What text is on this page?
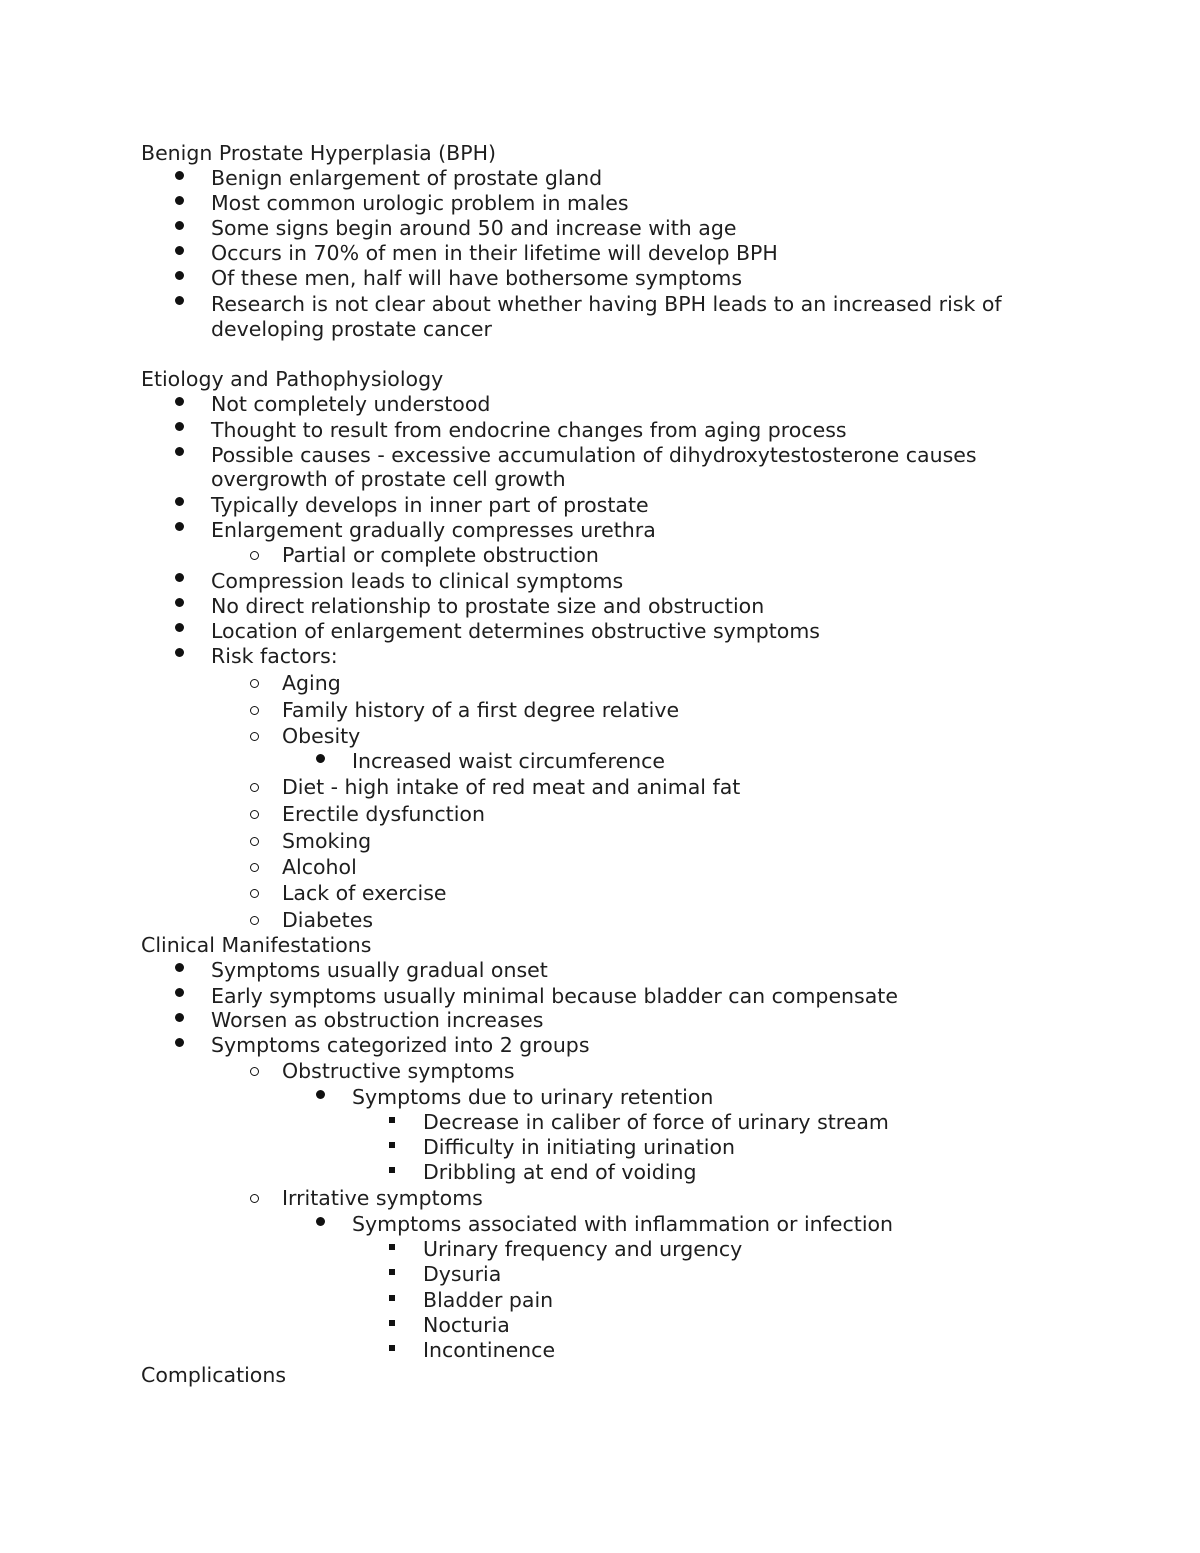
Benign Prostate Hyperplasia (BPH)
Benign enlargement of prostate gland
Most common urologic problem in males
Some signs begin around 50 and increase with age
Occurs in 70% of men in their lifetime will develop BPH
Of these men, half will have bothersome symptoms
Research is not clear about whether having BPH leads to an increased risk of
developing prostate cancer
Etiology and Pathophysiology
Not completely understood
Thought to result from endocrine changes from aging process
Possible causes - excessive accumulation of dihydroxytestosterone causes
overgrowth of prostate cell growth
Typically develops in inner part of prostate
Enlargement gradually compresses urethra
Partial or complete obstruction
Compression leads to clinical symptoms
No direct relationship to prostate size and obstruction
Location of enlargement determines obstructive symptoms
Risk factors:
Aging
Family history of a first degree relative
Obesity
Increased waist circumference
Diet - high intake of red meat and animal fat
Erectile dysfunction
Smoking
Alcohol
Lack of exercise
Diabetes
Clinical Manifestations
Symptoms usually gradual onset
Early symptoms usually minimal because bladder can compensate
Worsen as obstruction increases
Symptoms categorized into 2 groups
Obstructive symptoms
Symptoms due to urinary retention
Decrease in caliber of force of urinary stream
Difficulty in initiating urination
Dribbling at end of voiding
Irritative symptoms
Symptoms associated with inflammation or infection
Urinary frequency and urgency
Dysuria
Bladder pain
Nocturia
Incontinence
Complications
